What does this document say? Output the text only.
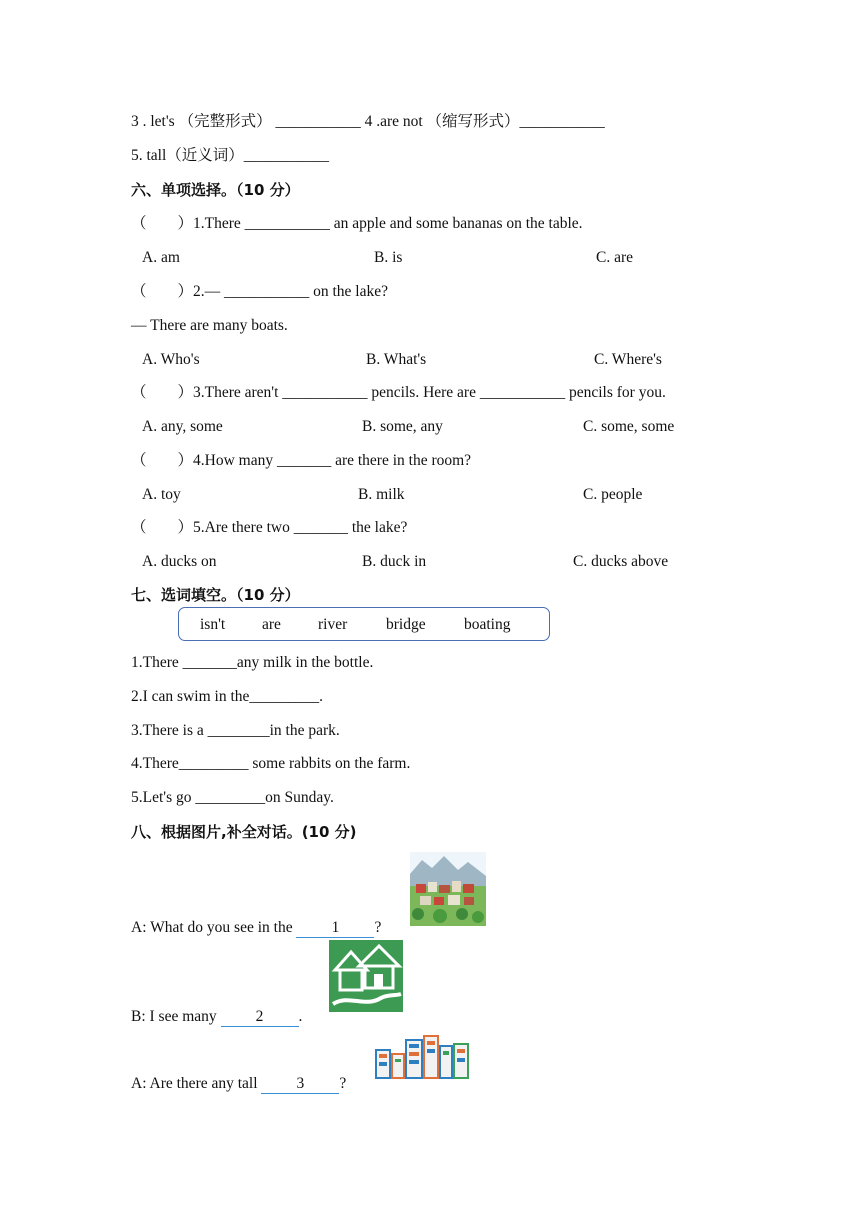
3 . let's （完整形式） ___________ 4 .are not （缩写形式）___________
5. tall（近义词）___________
六、单项选择。（10 分）
（　　）1.There ___________ an apple and some bananas on the table.
A. am	B. is	C. are
（　　）2.— ___________ on the lake?
— There are many boats.
A. Who's	B. What's	C. Where's
（　　）3.There aren't ___________ pencils. Here are ___________ pencils for you.
A. any, some	B. some, any	C. some, some
（　　）4.How many _______ are there in the room?
A. toy	B. milk	C. people
（　　）5.Are there two _______ the lake?
A. ducks on	B. duck in	C. ducks above
七、选词填空。（10 分）
isn't are river bridge boating
1.There _______any milk in the bottle.
2.I can swim in the_________.
3.There is a ________in the park.
4.There_________ some rabbits on the farm.
5.Let's go _________on Sunday.
八、根据图片,补全对话。(10 分)
A: What do you see in the 1 ?
B: I see many 2 .
A: Are there any tall 3 ?
